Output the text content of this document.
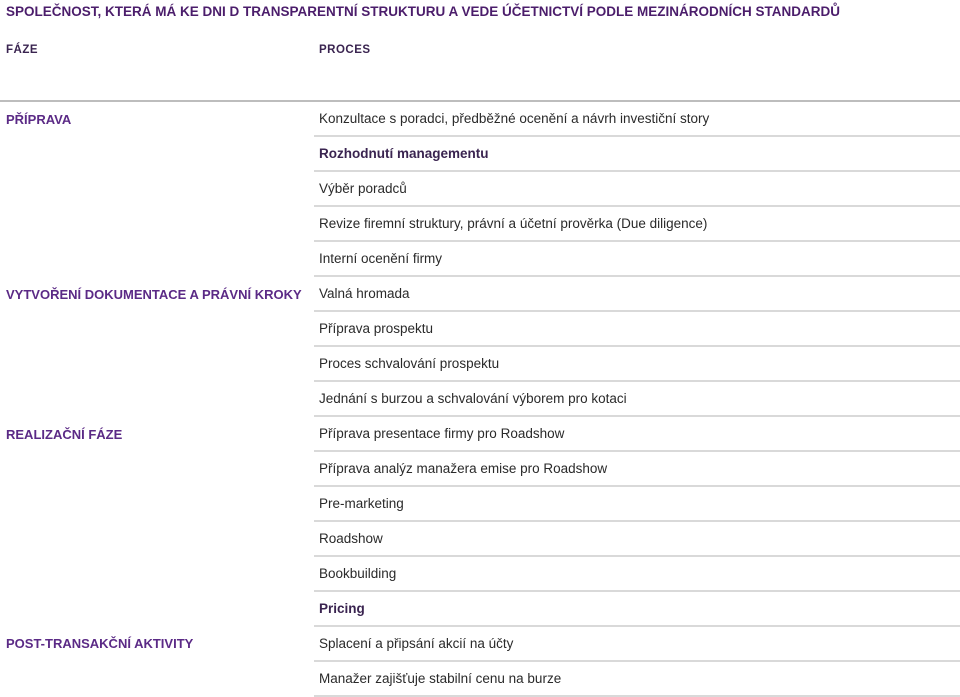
SPOLEČNOST, KTERÁ MÁ KE DNI D TRANSPARENTNÍ STRUKTURU A VEDE ÚČETNICTVÍ PODLE MEZINÁRODNÍCH STANDARDŮ
FÁZE	PROCES
PŘÍPRAVA
VYTVOŘENÍ DOKUMENTACE A PRÁVNÍ KROKY
REALIZAČNÍ FÁZE
POST-TRANSAKČNÍ AKTIVITY
Konzultace s poradci, předběžné ocenění a návrh investiční story
Rozhodnutí managementu
Výběr poradců
Revize firemní struktury, právní a účetní prověrka (Due diligence)
Interní ocenění firmy
Valná hromada
Příprava prospektu
Proces schvalování prospektu
Jednání s burzou a schvalování výborem pro kotaci
Příprava presentace firmy pro Roadshow
Příprava analýz manažera emise pro Roadshow
Pre-marketing
Roadshow
Bookbuilding
Pricing
Splacení a připsání akcií na účty
Manažer zajišťuje stabilní cenu na burze
